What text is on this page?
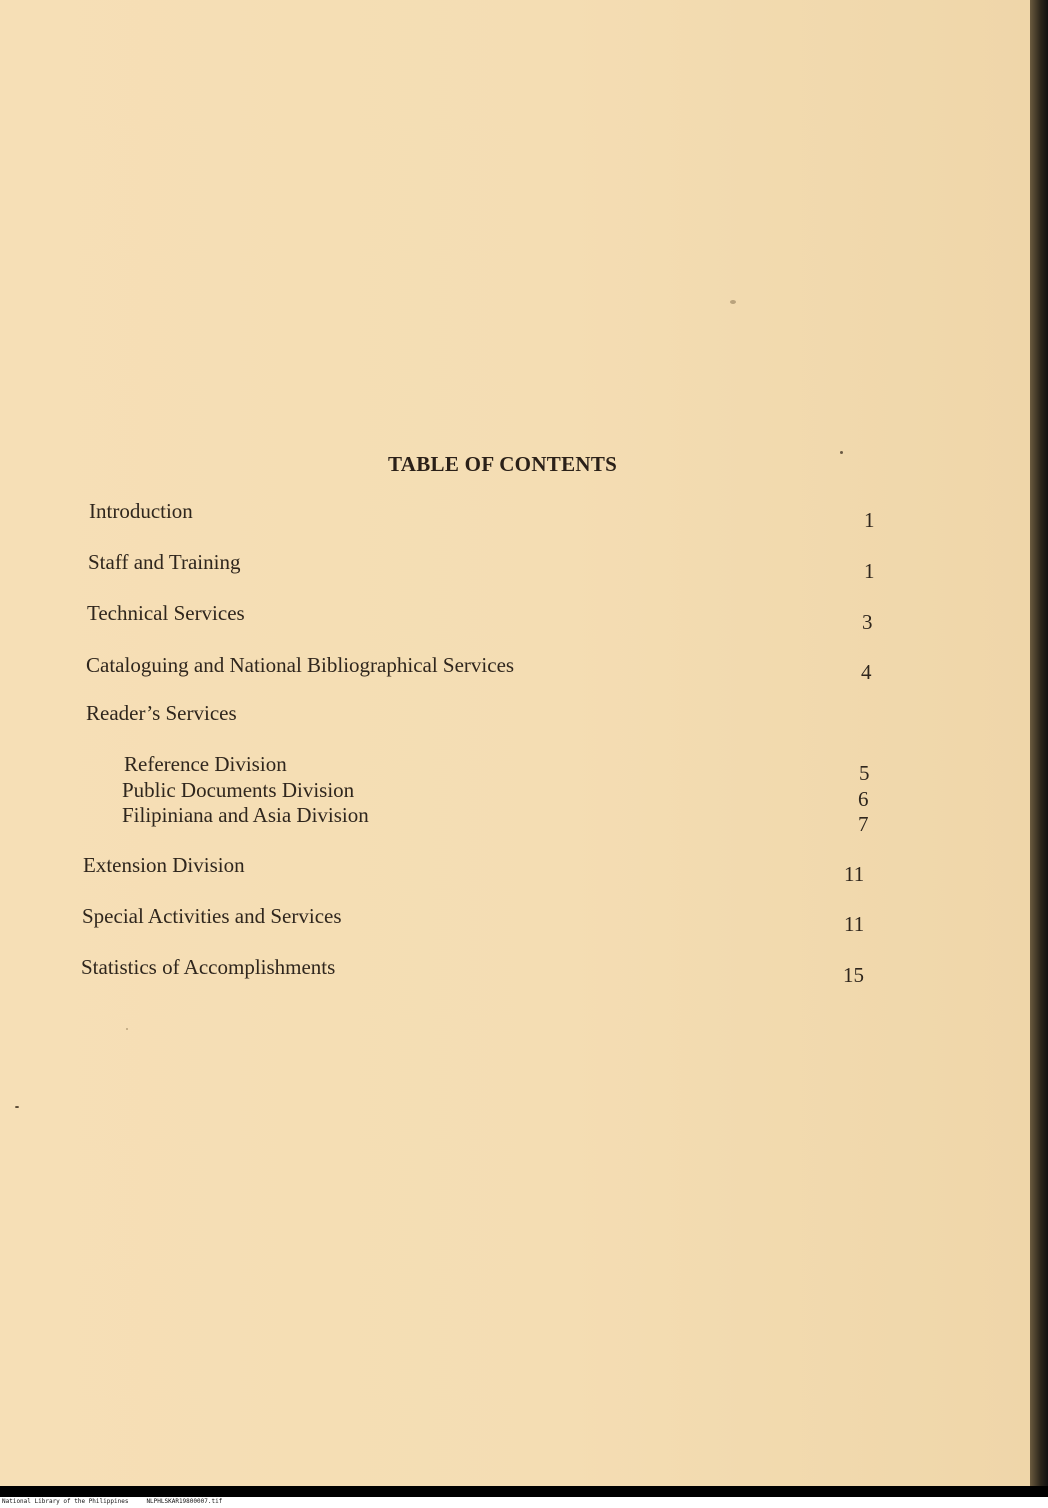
TABLE OF CONTENTS
Introduction	1
Staff and Training	1
Technical Services	3
Cataloguing and National Bibliographical Services	4
Reader’s Services
Reference Division	5
Public Documents Division	6
Filipiniana and Asia Division	7
Extension Division	11
Special Activities and Services	11
Statistics of Accomplishments	15
National Library of the Philippines	NLPHLSKAR19800007.tif
